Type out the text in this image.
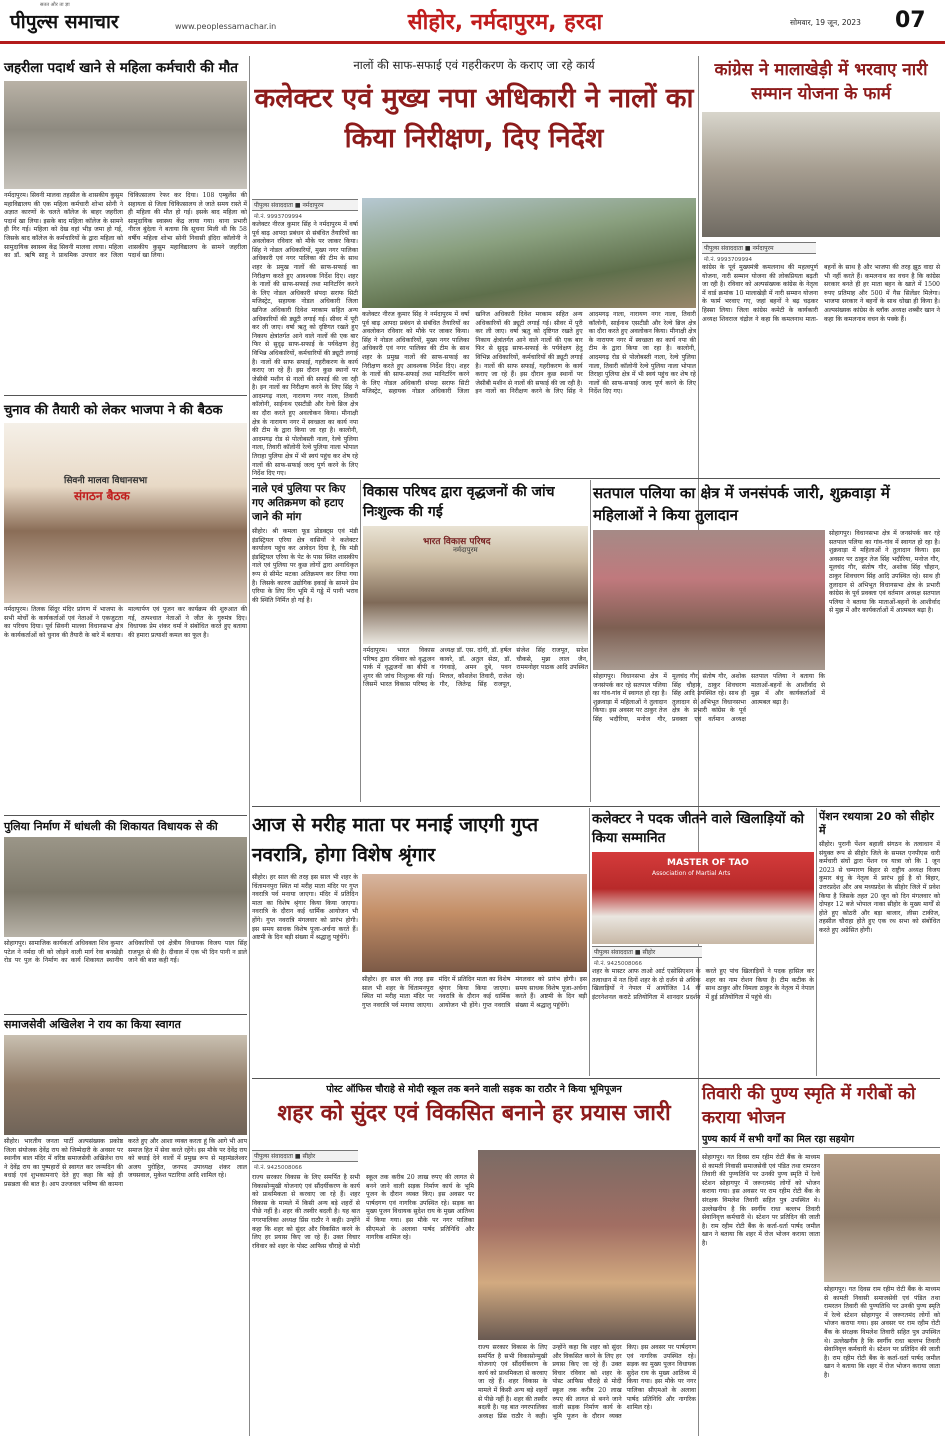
सतत और ता ज्ञा
पीपुल्स समाचार	www.peoplessamachar.in	सीहोर, नर्मदापुरम, हरदा	सोमवार, 19 जून, 2023 07
जहरीला पदार्थ खाने से महिला कर्मचारी की मौत
नर्मदापुरम। सिवनी मालवा तहसील के शासकीय कुसुम महाविद्यालय की एक महिला कर्मचारी शोभा सोनी ने अज्ञात कारणों के चलते कॉलेज के बाहर जहरीला पदार्थ खा लिया। इसके बाद महिला कॉलेज के सामने ही गिर गई। महिला को देख वहां भीड़ जमा हो गई, जिसके बाद कॉलेज के कर्मचारियों के द्वारा महिला को सामुदायिक स्वास्थ्य केंद्र सिवनी मालवा लाया। महिला का डॉ. ऋषि साहू ने प्राथमिक उपचार कर जिला चिकित्सालय रेफर कर दिया। 108 एम्बुलेंस की सहायता से जिला चिकित्सालय ले जाते समय रास्ते में ही महिला की मौत हो गई। इसके बाद महिला को सामुदायिक स्वास्थ्य केंद्र लाया गया। थाना प्रभारी नीरज बुंदेला ने बताया कि सूचना मिली थी कि 58 वर्षीय महिला शोभा सोनी निवासी इंदिरा कॉलोनी ने शासकीय कुसुम महाविद्यालय के सामने जहरीला पदार्थ खा लिया।
चुनाव की तैयारी को लेकर भाजपा ने की बैठक
सिवनी मालवा विधानसभा
संगठन बैठक
नर्मदापुरम। तिलक सिंदूर मंदिर प्रांगण में भाजपा के सभी मोर्चों के कार्यकर्ताओं एवं नेताओं ने एकजुटता का परिचय दिया। पूर्व सिवनी मालवा विधानसभा क्षेत्र के कार्यकर्ताओं को चुनाव की तैयारी के बारे में बताया। माल्यार्पण एवं पूजन कर कार्यक्रम की शुरुआत की गई, तत्पश्चात नेताओं ने जीत के गुरुमंत्र दिए। विधायक प्रेम शंकर वर्मा ने संबोधित करते हुए बताया की हमारा प्रत्याशी कमल का फूल है।
पुलिया निर्माण में धांधली की शिकायत विधायक से की
सोहागपुर। सामाजिक कार्यकर्ता अधिवक्ता शिव कुमार पटेल ने नर्मदा जी को जोड़ने वाली मार्ग रेवा बनखेड़ी रोड पर पुल के निर्माण का कार्य शिकायत स्थानीय अधिकारियों एवं क्षेत्रीय विधायक विजय पाल सिंह राजपूत से की है। दीवाल में एक भी दिन पानी न डाले जाने की बात कही गई।
समाजसेवी अखिलेश ने राय का किया स्वागत
सीहोर। भारतीय जनता पार्टी अल्पसंख्यक प्रकोष्ठ जिला संयोजक देवेंद्र राय को जिम्मेदारी के अवसर पर स्थानीय बाल मंदिर में वरिष्ठ समाजसेवी अखिलेश राय ने देवेंद्र राय का पुष्पहारों से स्वागत कर जन्मदिन की बधाई एवं शुभकामनाएं देते हुए कहा कि बड़े ही प्रसन्नता की बात है। आप उज्जवल भविष्य की कामना करते हुए और आशा व्यक्त करता हूं कि आगे भी आप समाज हित में सेवा करते रहेंगे। इस मौके पर देवेंद्र राय को बधाई देने वालों में प्रमुख रूप से महामंडलेश्वर अजय पुरोहित, जनपद उपाध्यक्ष शंकर लाल जयसवाल, मुकेश पटारिया आदि शामिल रहे।
नालों की साफ-सफाई एवं गहरीकरण के कराए जा रहे कार्य
कलेक्टर एवं मुख्य नपा अधिकारी ने नालों का किया निरीक्षण, दिए निर्देश
पीपुल्स संवाददाता ■ नर्मदापुरम
मो.नं. 9993709994
कलेक्टर नीरज कुमार सिंह ने नर्मदापुरम में वर्षा पूर्व बाढ़ आपदा प्रबंधन से संबंधित तैयारियों का अवलोकन रविवार को मौके पर जाकर किया। सिंह ने नोडल अधिकारियों, मुख्य नगर पालिका अधिकारी एवं नगर पालिका की टीम के साथ शहर के प्रमुख नालों की साफ-सफाई का निरीक्षण करते हुए आवश्यक निर्देश दिए। शहर के नालों की साफ-सफाई तथा मानिटरिंग करने के लिए नोडल अधिकारी संपदा सराफ सिटी मजिस्ट्रेट, सहायक नोडल अधिकारी जिला खनिज अधिकारी दिवेश मरकाम सहित अन्य अधिकारियों की ड्यूटी लगाई गई। सीवर में पूरी कर ली जाए। वर्षा ऋतु को दृष्टिगत रखते हुए निकाय क्षेत्रांतर्गत आने वाले नालों की एक बार फिर से सुदृढ़ साफ-सफाई के पर्यवेक्षण हेतु विभिन्न अधिकारियों, कर्मचारियों की ड्यूटी लगाई है। नालों की साफ सफाई, गहरीकरण के कार्य कराए जा रहे हैं। इस दौरान कुछ स्थानों पर जेसीबी मशीन से नालों की सफाई की जा रही है। इन नालों का निरीक्षण करने के लिए सिंह ने आदमगढ़ नाला, नारायण नगर नाला, तिवारी कॉलोनी, साईनाथ एसटीडी और रेल्वे ब्रिज क्षेत्र का दौरा करते हुए अवलोकन किया। मीनाक्षी क्षेत्र के नारायण नगर में स्वच्छता का कार्य नपा की टीम के द्वारा किया जा रहा है। कालोनी, आदमगढ़ रोड से पोलोबस्ती नाला, रेल्वे पुलिया नाला, तिवारी कॉलोनी रेल्वे पुलिया नाला भोपाल तिराहा पुलिया क्षेत्र में भी स्वयं पहुंच कर शेष रहे नालों की साफ-सफाई जल्द पूर्ण करने के लिए निर्देश दिए गए।
कलेक्टर नीरज कुमार सिंह ने नर्मदापुरम में वर्षा पूर्व बाढ़ आपदा प्रबंधन से संबंधित तैयारियों का अवलोकन रविवार को मौके पर जाकर किया। सिंह ने नोडल अधिकारियों, मुख्य नगर पालिका अधिकारी एवं नगर पालिका की टीम के साथ शहर के प्रमुख नालों की साफ-सफाई का निरीक्षण करते हुए आवश्यक निर्देश दिए। शहर के नालों की साफ-सफाई तथा मानिटरिंग करने के लिए नोडल अधिकारी संपदा सराफ सिटी मजिस्ट्रेट, सहायक नोडल अधिकारी जिला खनिज अधिकारी दिवेश मरकाम सहित अन्य अधिकारियों की ड्यूटी लगाई गई। सीवर में पूरी कर ली जाए। वर्षा ऋतु को दृष्टिगत रखते हुए निकाय क्षेत्रांतर्गत आने वाले नालों की एक बार फिर से सुदृढ़ साफ-सफाई के पर्यवेक्षण हेतु विभिन्न अधिकारियों, कर्मचारियों की ड्यूटी लगाई है। नालों की साफ सफाई, गहरीकरण के कार्य कराए जा रहे हैं। इस दौरान कुछ स्थानों पर जेसीबी मशीन से नालों की सफाई की जा रही है। इन नालों का निरीक्षण करने के लिए सिंह ने आदमगढ़ नाला, नारायण नगर नाला, तिवारी कॉलोनी, साईनाथ एसटीडी और रेल्वे ब्रिज क्षेत्र का दौरा करते हुए अवलोकन किया। मीनाक्षी क्षेत्र के नारायण नगर में स्वच्छता का कार्य नपा की टीम के द्वारा किया जा रहा है। कालोनी, आदमगढ़ रोड से पोलोबस्ती नाला, रेल्वे पुलिया नाला, तिवारी कॉलोनी रेल्वे पुलिया नाला भोपाल तिराहा पुलिया क्षेत्र में भी स्वयं पहुंच कर शेष रहे नालों की साफ-सफाई जल्द पूर्ण करने के लिए निर्देश दिए गए।
कांग्रेस ने मालाखेड़ी में भरवाए नारी सम्मान योजना के फार्म
पीपुल्स संवाददाता ■ नर्मदापुरम
मो.नं. 9993709994
कांग्रेस के पूर्व मुख्यमंत्री कमलनाथ की महत्वपूर्ण योजना, नारी सम्मान योजना की लोकप्रियता बढ़ती जा रही है। रविवार को अल्पसंख्यक कांग्रेस के नेतृत्व में वार्ड क्रमांक 10 मालाखेड़ी में नारी सम्मान योजना के फार्म भरवाए गए, जहां बहनों ने बढ़ चढ़कर हिस्सा लिया। जिला कांग्रेस कमेटी के कार्यकारी अध्यक्ष शिवराज चंद्रोल ने कहा कि कमलनाथ माता-बहनों के साथ है और भाजपा की तरह झूठ वादा से भी नहीं करते हैं। कमलनाथ का वचन है कि कांग्रेस सरकार बनते ही हर माता बहन के खाते में 1500 रुपए प्रतिमाह और 500 में गैस सिलेंडर मिलेगा। भाजपा सरकार ने बहनों के साथ धोखा ही किया है। अल्पसंख्यक कांग्रेस के ब्लॉक अध्यक्ष शब्बीर खान ने कहा कि कमलनाथ वचन के पक्के हैं।
नाले एवं पुलिया पर किए गए अतिक्रमण को हटाए जाने की मांग
सीहोर। श्री कमला फूड प्रोडक्ट्स एवं मंडी इंडस्ट्रियल एरिया क्षेत्र वासियों ने कलेक्टर कार्यालय पहुंच कर आवेदन दिया है, कि मंडी इंडस्ट्रियल एरिया के पेट के पास स्थित शासकीय नाले एवं पुलिया पर कुछ लोगों द्वारा अनाधिकृत रूप से सीमेंट मटका अतिक्रमण कर लिया गया है। जिसके कारण उद्योगिक इकाई के सामने प्रेम एरिया के लिए रिंग भूमि में गड्ढे में पानी भराव की स्थिति निर्मित हो गई है।
विकास परिषद द्वारा वृद्धजनों की जांच निःशुल्क की गई
भारत विकास परिषद
नर्मदापुरम
नर्मदापुरम। भारत विकास परिषद द्वारा रविवार को वृद्धजन पार्क में वृद्धजनों का बीपी व शुगर की जांच निःशुल्क की गई। जिसमें भारत विकास परिषद के अध्यक्ष डॉ. एस. दांगी, डॉ. हर्षल कावरे, डॉ. अतुल सेठा, डॉ. गंगवाड़े, अमन दुबे, पवन मित्तल, कौशलेश तिवारी, राजेश गौर, जितेन्द्र सिंह राजपूत, संजेश सिंह राजपूत, सदेश चौकसे, मुन्ना लाल जैन, राममनोहर पाठक आदि उपस्थित रहे।
सतपाल पलिया का क्षेत्र में जनसंपर्क जारी, शुक्रवाड़ा में महिलाओं ने किया तुलादान
सोहागपुर। विधानसभा क्षेत्र में जनसंपर्क कर रहे सतपाल पलिया का गांव-गांव में स्वागत हो रहा है। शुक्रवाड़ा में महिलाओं ने तुलादान किया। इस अवसर पर ठाकुर तेज सिंह भदौरिया, मनोज गौर, मूलचंद गौर, संतोष गौर, अशोक सिंह चौहान, ठाकुर शिवचरण सिंह आदि उपस्थित रहे। साथ ही तुलादान से अभिभूत विधानसभा क्षेत्र के प्रभारी कांग्रेस के पूर्व प्रवक्ता एवं वर्तमान अध्यक्ष सतपाल पलिया ने बताया कि माताओं-बहनों के आशीर्वाद से मुझ में और कार्यकर्ताओं में आत्मबल बढ़ा है।
सोहागपुर। विधानसभा क्षेत्र में जनसंपर्क कर रहे सतपाल पलिया का गांव-गांव में स्वागत हो रहा है। शुक्रवाड़ा में महिलाओं ने तुलादान किया। इस अवसर पर ठाकुर तेज सिंह भदौरिया, मनोज गौर, मूलचंद गौर, संतोष गौर, अशोक सिंह चौहान, ठाकुर शिवचरण सिंह आदि उपस्थित रहे। साथ ही तुलादान से अभिभूत विधानसभा क्षेत्र के प्रभारी कांग्रेस के पूर्व प्रवक्ता एवं वर्तमान अध्यक्ष सतपाल पलिया ने बताया कि माताओं-बहनों के आशीर्वाद से मुझ में और कार्यकर्ताओं में आत्मबल बढ़ा है।
आज से मरीह माता पर मनाई जाएगी गुप्त नवरात्रि, होगा विशेष श्रृंगार
सीहोर। हर साल की तरह इस साल भी शहर के चिंतामनपुरा स्थित मां मरीह माता मंदिर पर गुप्त नवरात्रि पर्व मनाया जाएगा। मंदिर में प्रतिदिन माता का विशेष श्रृंगार किया किया जाएगा। नवरात्रि के दौरान कई धार्मिक आयोजन भी होंगे। गुप्त नवरात्रि मंगलवार को प्रारंभ होगी। इस समय साधक विशेष पूजा-अर्चना करते हैं। अष्टमी के दिन बड़ी संख्या में श्रद्धालु पहुंचेंगे।
सीहोर। हर साल की तरह इस साल भी शहर के चिंतामनपुरा स्थित मां मरीह माता मंदिर पर गुप्त नवरात्रि पर्व मनाया जाएगा। मंदिर में प्रतिदिन माता का विशेष श्रृंगार किया किया जाएगा। नवरात्रि के दौरान कई धार्मिक आयोजन भी होंगे। गुप्त नवरात्रि मंगलवार को प्रारंभ होगी। इस समय साधक विशेष पूजा-अर्चना करते हैं। अष्टमी के दिन बड़ी संख्या में श्रद्धालु पहुंचेंगे।
कलेक्टर ने पदक जीतने वाले खिलाड़ियों को किया सम्मानित
MASTER OF TAO
Association of Martial Arts
पीपुल्स संवाददाता ■ सीहोर
मो.नं. 9425008066
शहर के मास्टर आफ ताओ आर्ट एसोसिएशन के तत्वाधान में नत दिनों शहर के दो दर्जन से अधिक खिलाड़ियों ने नेपाल में आयोजित 14 वीं इंटरनेशनल कराटे प्रतियोगिता में शानदार प्रदर्शन करते हुए पांच खिलाड़ियों ने पदक हासिल कर शहर का नाम रोशन किया है। टीम कटीक के साथ ठाकुर और विमला ठाकुर के नेतृत्व में नेपाल में हुई प्रतियोगिता में पहुंचे थी।
पेंशन रथयात्रा 20 को सीहोर में
सीहोर। पुरानी पेंशन बहाली संगठन के तत्वाधान में संयुक्त रूप से सीहोर जिले के समस्त एनपीएस धारी कर्मचारी संघों द्वारा पेंशन रथ यात्रा जो कि 1 जून 2023 से चम्पारण बिहार से राष्ट्रीय अध्यक्ष विजय कुमार बंधु के नेतृत्व में प्रारंभ हुई है वो बिहार, उत्तरप्रदेश और अब मध्यप्रदेश के सीहोर जिले में प्रवेश किया है जिसके तहत 20 जून को दिन मंगलवार को दोपहर 12 बजे भोपाल नाका सीहोर के मुख्य मार्गों से होते हुए कोठरी और बड़ा बाजार, लीसा टाकीज, तहसील चौराहा होते हुए एक रथ सभा को संबोधित करते हुए अग्रेसित होगी।
पोस्ट ऑफिस चौराहे से मोदी स्कूल तक बनने वाली सड़क का राठौर ने किया भूमिपूजन
शहर को सुंदर एवं विकसित बनाने हर प्रयास जारी
पीपुल्स संवाददाता ■ सीहोर
मो.नं. 9425008066
राज्य सरकार विकास के लिए समर्पित है सभी विकासोन्मुखी योजनाएं एवं सौंदर्यीकरण के कार्य को प्राथमिकता से करवाए जा रहे हैं। शहर विकास के मामले में किसी अन्य बड़े शहरों से पीछे नहीं है। शहर की तस्वीर बदली है। यह बात नगरपालिका अध्यक्ष प्रिंस राठौर ने कही। उन्होंने कहा कि शहर को सुंदर और विकसित करने के लिए हर प्रयास किए जा रहे हैं। उक्त विचार रविवार को शहर के पोस्ट आफिस चौराहे से मोदी स्कूल तक करीब 20 लाख रुपए की लागत से बनने जाने वाली सड़क निर्माण कार्य के भूमि पूजन के दौरान व्यक्त किए। इस अवसर पर पार्षदगण एवं नागरिक उपस्थित रहे। सड़क का मुख्य पूजन विधायक सुदेश राय के मुख्य आतिथ्य में किया गया। इस मौके पर नगर पालिका सीएमओ के अलावा पार्षद प्रतिनिधि और नागरिक शामिल रहे।
राज्य सरकार विकास के लिए समर्पित है सभी विकासोन्मुखी योजनाएं एवं सौंदर्यीकरण के कार्य को प्राथमिकता से करवाए जा रहे हैं। शहर विकास के मामले में किसी अन्य बड़े शहरों से पीछे नहीं है। शहर की तस्वीर बदली है। यह बात नगरपालिका अध्यक्ष प्रिंस राठौर ने कही। उन्होंने कहा कि शहर को सुंदर और विकसित करने के लिए हर प्रयास किए जा रहे हैं। उक्त विचार रविवार को शहर के पोस्ट आफिस चौराहे से मोदी स्कूल तक करीब 20 लाख रुपए की लागत से बनने जाने वाली सड़क निर्माण कार्य के भूमि पूजन के दौरान व्यक्त किए। इस अवसर पर पार्षदगण एवं नागरिक उपस्थित रहे। सड़क का मुख्य पूजन विधायक सुदेश राय के मुख्य आतिथ्य में किया गया। इस मौके पर नगर पालिका सीएमओ के अलावा पार्षद प्रतिनिधि और नागरिक शामिल रहे।
तिवारी की पुण्य स्मृति में गरीबों को कराया भोजन
पुण्य कार्य में सभी वर्गों का मिल रहा सहयोग
सोहागपुर। गत दिवस राम रहीम रोटी बैंक के माध्यम से कामती निवासी समाजसेवी एवं पंडित तथा रामरतन तिवारी की पुण्यतिथि पर उनकी पुण्य स्मृति में रेल्वे स्टेशन सोहागपुर में जरूरतमंद लोगों को भोजन कराया गया। इस अवसर पर राम रहीम रोटी बैंक के संरक्षक विमलेश तिवारी सहित पुत्र उपस्थित थे। उल्लेखनीय है कि स्वर्गीय राधा बल्लभ तिवारी सेवानिवृत्त कर्मचारी थे। स्टेशन पर प्रतिदिन की जाती है। राम रहीम रोटी बैंक के कर्ता-धर्ता पार्षद जमील खान ने बताया कि शहर में रोज भोजन कराया जाता है।
सोहागपुर। गत दिवस राम रहीम रोटी बैंक के माध्यम से कामती निवासी समाजसेवी एवं पंडित तथा रामरतन तिवारी की पुण्यतिथि पर उनकी पुण्य स्मृति में रेल्वे स्टेशन सोहागपुर में जरूरतमंद लोगों को भोजन कराया गया। इस अवसर पर राम रहीम रोटी बैंक के संरक्षक विमलेश तिवारी सहित पुत्र उपस्थित थे। उल्लेखनीय है कि स्वर्गीय राधा बल्लभ तिवारी सेवानिवृत्त कर्मचारी थे। स्टेशन पर प्रतिदिन की जाती है। राम रहीम रोटी बैंक के कर्ता-धर्ता पार्षद जमील खान ने बताया कि शहर में रोज भोजन कराया जाता है।
